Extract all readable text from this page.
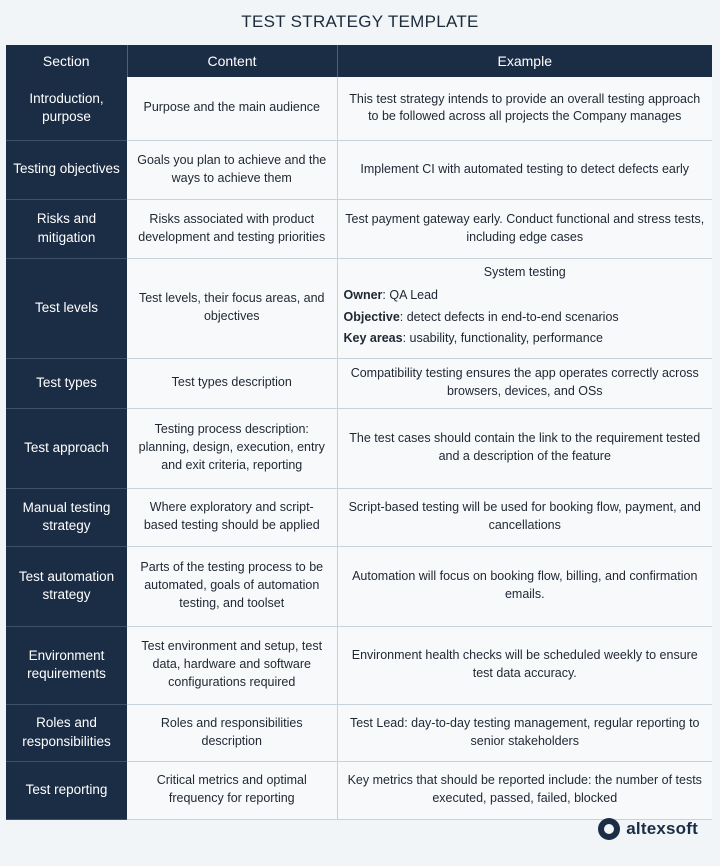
TEST STRATEGY TEMPLATE
Section	Content	Example
Introduction, purpose	Purpose and the main audience	This test strategy intends to provide an overall testing approach to be followed across all projects the Company manages
Testing objectives	Goals you plan to achieve and the ways to achieve them	Implement CI with automated testing to detect defects early
Risks and mitigation	Risks associated with product development and testing priorities	Test payment gateway early. Conduct functional and stress tests, including edge cases
Test levels	Test levels, their focus areas, and objectives	System testing
Owner: QA Lead
Objective: detect defects in end-to-end scenarios
Key areas: usability, functionality, performance

Test types	Test types description	Compatibility testing ensures the app operates correctly across browsers, devices, and OSs
Test approach	Testing process description: planning, design, execution, entry and exit criteria, reporting	The test cases should contain the link to the requirement tested and a description of the feature
Manual testing strategy	Where exploratory and script-based testing should be applied	Script-based testing will be used for booking flow, payment, and cancellations
Test automation strategy	Parts of the testing process to be automated, goals of automation testing, and toolset	Automation will focus on booking flow, billing, and confirmation emails.
Environment requirements	Test environment and setup, test data, hardware and software configurations required	Environment health checks will be scheduled weekly to ensure test data accuracy.
Roles and responsibilities	Roles and responsibilities description	Test Lead: day-to-day testing management, regular reporting to senior stakeholders
Test reporting	Critical metrics and optimal frequency for reporting	Key metrics that should be reported include: the number of tests executed, passed, failed, blocked
altexsoft
